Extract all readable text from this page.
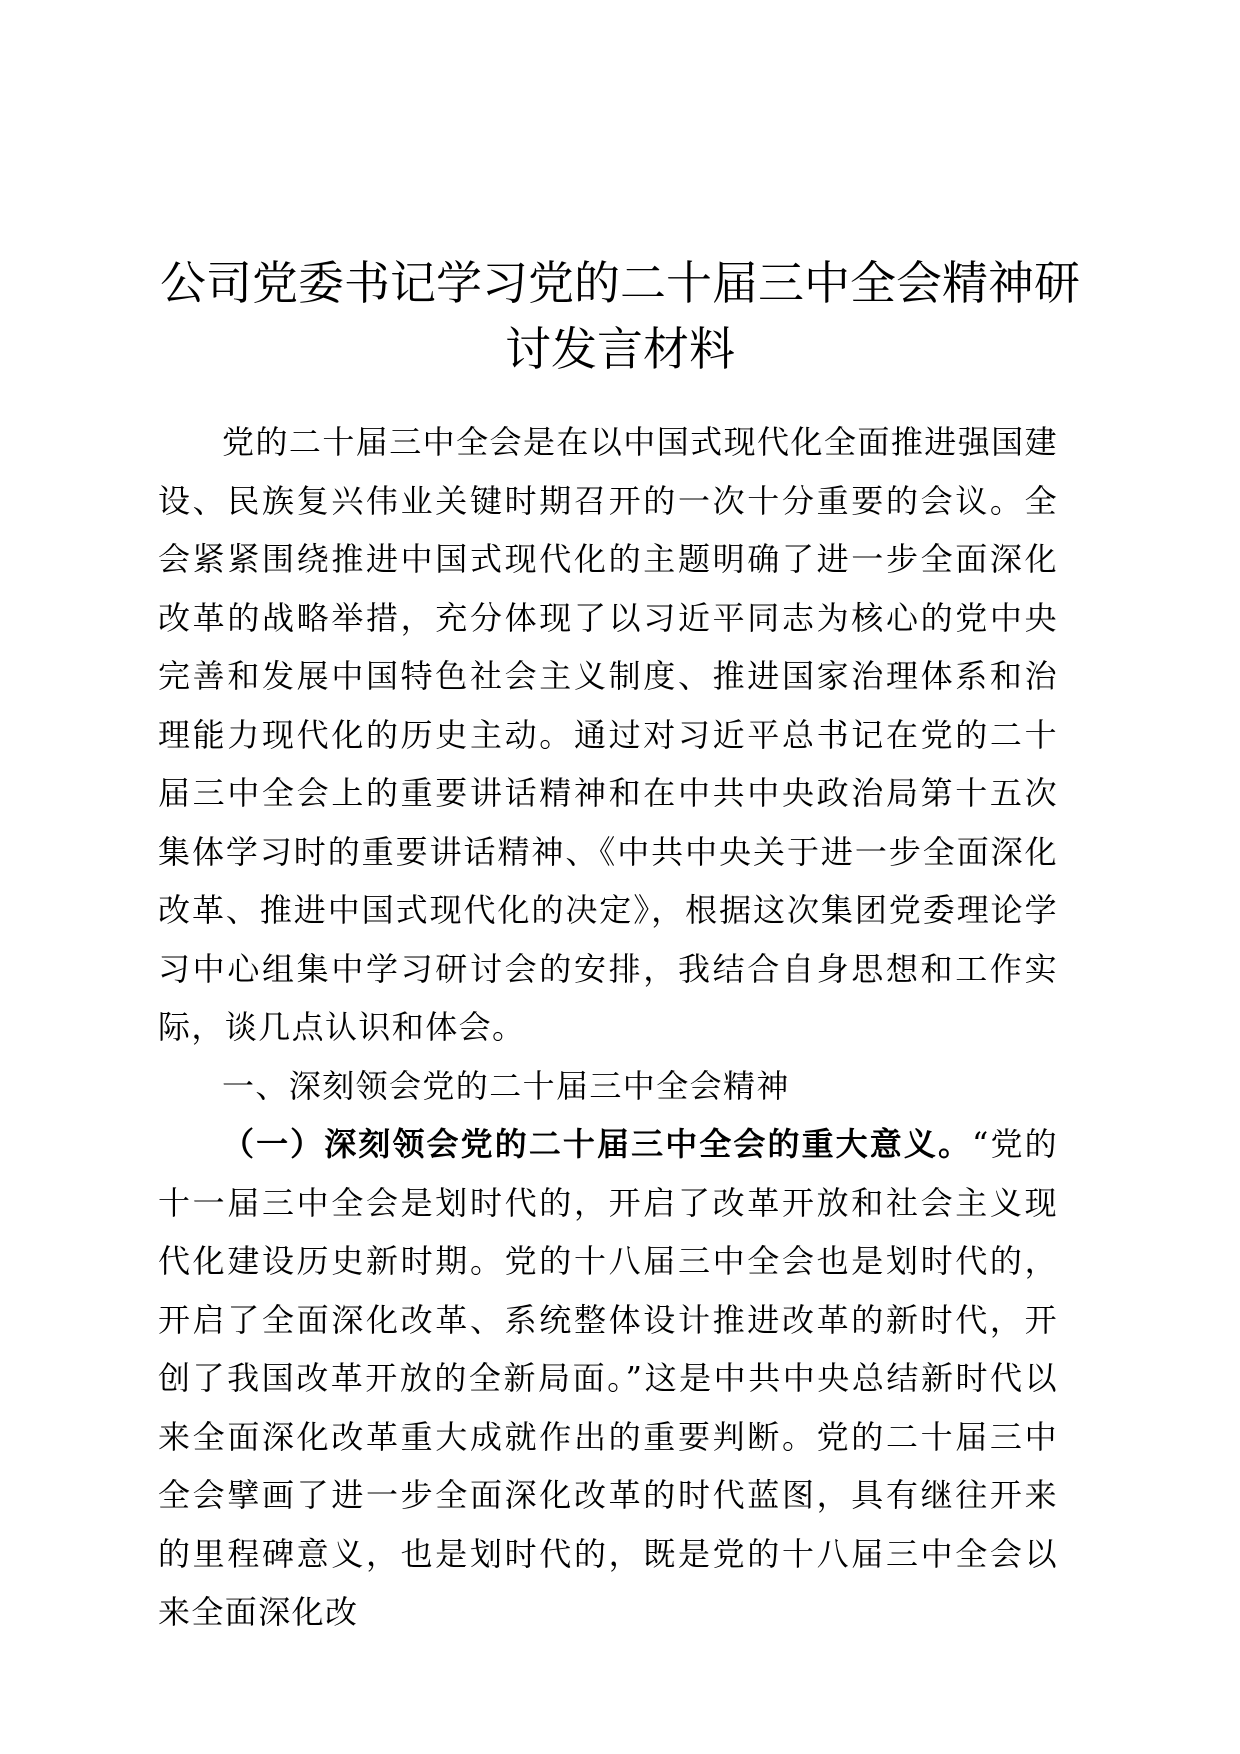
公司党委书记学习党的二十届三中全会精神研
讨发言材料

党的二十届三中全会是在以中国式现代化全面推进强国建设、民族复兴伟业关键时期召开的一次十分重要的会议。全会紧紧围绕推进中国式现代化的主题明确了进一步全面深化改革的战略举措，充分体现了以习近平同志为核心的党中央完善和发展中国特色社会主义制度、推进国家治理体系和治理能力现代化的历史主动。通过对习近平总书记在党的二十届三中全会上的重要讲话精神和在中共中央政治局第十五次集体学习时的重要讲话精神、《中共中央关于进一步全面深化改革、推进中国式现代化的决定》，根据这次集团党委理论学习中心组集中学习研讨会的安排，我结合自身思想和工作实际，谈几点认识和体会。

一、深刻领会党的二十届三中全会精神

（一）深刻领会党的二十届三中全会的重大意义。“党的十一届三中全会是划时代的，开启了改革开放和社会主义现代化建设历史新时期。党的十八届三中全会也是划时代的，开启了全面深化改革、系统整体设计推进改革的新时代，开创了我国改革开放的全新局面。”这是中共中央总结新时代以来全面深化改革重大成就作出的重要判断。党的二十届三中全会擘画了进一步全面深化改革的时代蓝图，具有继往开来的里程碑意义，也是划时代的，既是党的十八届三中全会以来全面深化改
